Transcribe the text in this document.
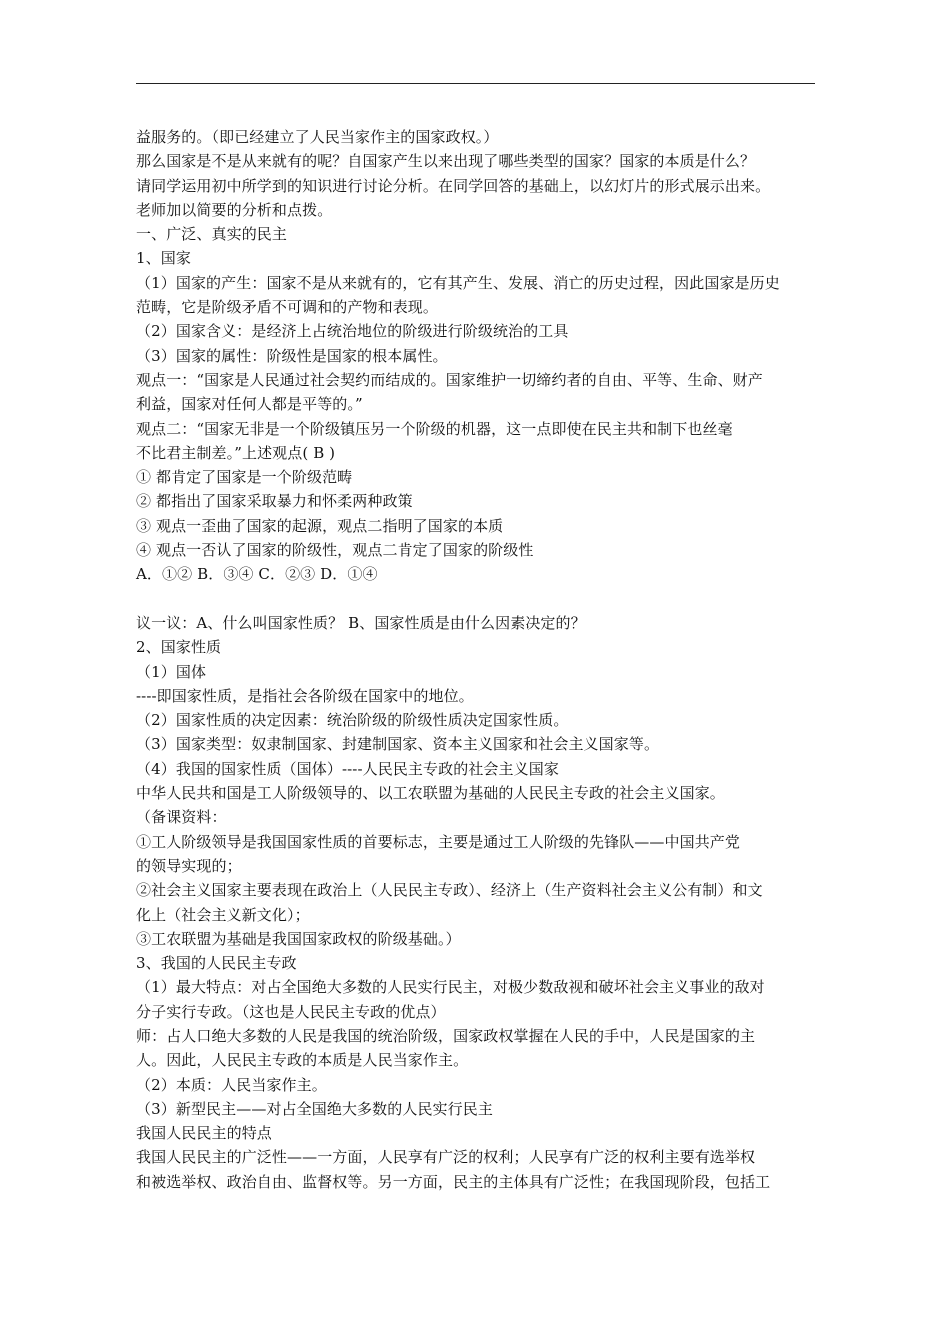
益服务的。（即已经建立了人民当家作主的国家政权。）
那么国家是不是从来就有的呢？自国家产生以来出现了哪些类型的国家？国家的本质是什么？
请同学运用初中所学到的知识进行讨论分析。在同学回答的基础上，以幻灯片的形式展示出来。
老师加以简要的分析和点拨。
一、广泛、真实的民主
1、国家
（1）国家的产生：国家不是从来就有的，它有其产生、发展、消亡的历史过程，因此国家是历史
范畴，它是阶级矛盾不可调和的产物和表现。
（2）国家含义：是经济上占统治地位的阶级进行阶级统治的工具
（3）国家的属性：阶级性是国家的根本属性。
观点一：“国家是人民通过社会契约而结成的。国家维护一切缔约者的自由、平等、生命、财产
利益，国家对任何人都是平等的。”
观点二：“国家无非是一个阶级镇压另一个阶级的机器，这一点即使在民主共和制下也丝毫
不比君主制差。”上述观点( B )
① 都肯定了国家是一个阶级范畴
② 都指出了国家采取暴力和怀柔两种政策
③ 观点一歪曲了国家的起源，观点二指明了国家的本质
④ 观点一否认了国家的阶级性，观点二肯定了国家的阶级性
A．①② B．③④ C．②③ D．①④
议一议：A、什么叫国家性质？ B、国家性质是由什么因素决定的？
2、国家性质
（1）国体
----即国家性质，是指社会各阶级在国家中的地位。
（2）国家性质的决定因素：统治阶级的阶级性质决定国家性质。
（3）国家类型：奴隶制国家、封建制国家、资本主义国家和社会主义国家等。
（4）我国的国家性质（国体）----人民民主专政的社会主义国家
中华人民共和国是工人阶级领导的、以工农联盟为基础的人民民主专政的社会主义国家。
（备课资料：
①工人阶级领导是我国国家性质的首要标志，主要是通过工人阶级的先锋队——中国共产党
的领导实现的；
②社会主义国家主要表现在政治上（人民民主专政）、经济上（生产资料社会主义公有制）和文
化上（社会主义新文化）；
③工农联盟为基础是我国国家政权的阶级基础。）
3、我国的人民民主专政
（1）最大特点：对占全国绝大多数的人民实行民主，对极少数敌视和破坏社会主义事业的敌对
分子实行专政。（这也是人民民主专政的优点）
师：占人口绝大多数的人民是我国的统治阶级，国家政权掌握在人民的手中，人民是国家的主
人。因此，人民民主专政的本质是人民当家作主。
（2）本质：人民当家作主。
（3）新型民主——对占全国绝大多数的人民实行民主
我国人民民主的特点
我国人民民主的广泛性——一方面，人民享有广泛的权利；人民享有广泛的权利主要有选举权
和被选举权、政治自由、监督权等。另一方面，民主的主体具有广泛性；在我国现阶段，包括工
